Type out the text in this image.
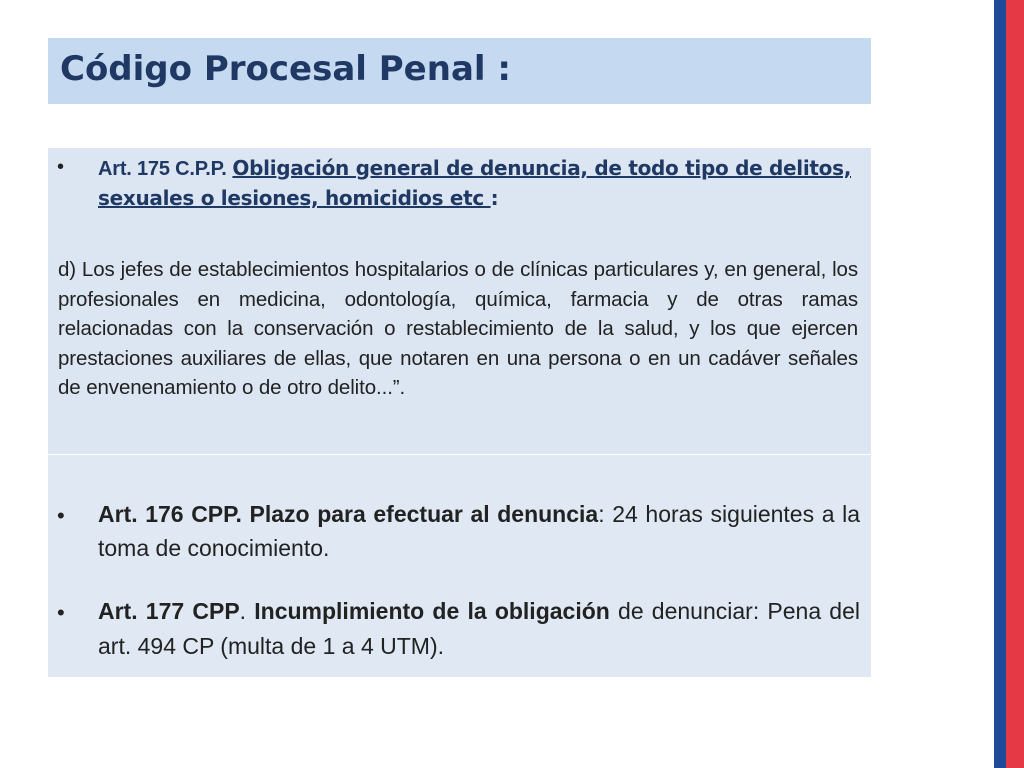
Código Procesal Penal :
• Art. 175 C.P.P. Obligación general de denuncia, de todo tipo de delitos, sexuales o lesiones, homicidios etc :
d) Los jefes de establecimientos hospitalarios o de clínicas particulares y, en general, los profesionales en medicina, odontología, química, farmacia y de otras ramas relacionadas con la conservación o restablecimiento de la salud, y los que ejercen prestaciones auxiliares de ellas, que notaren en una persona o en un cadáver señales de envenenamiento o de otro delito...”.
• Art. 176 CPP. Plazo para efectuar al denuncia: 24 horas siguientes a la toma de conocimiento.
• Art. 177 CPP. Incumplimiento de la obligación de denunciar: Pena del art. 494 CP (multa de 1 a 4 UTM).
